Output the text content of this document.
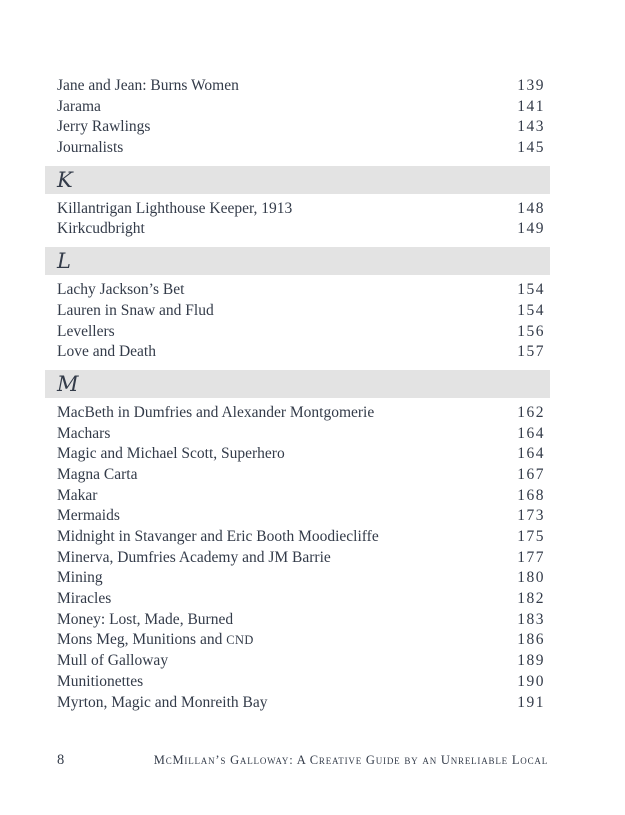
Jane and Jean: Burns Women	139
Jarama	141
Jerry Rawlings	143
Journalists	145
K
Killantrigan Lighthouse Keeper, 1913	148
Kirkcudbright	149
L
Lachy Jackson’s Bet	154
Lauren in Snaw and Flud	154
Levellers	156
Love and Death	157
M
MacBeth in Dumfries and Alexander Montgomerie	162
Machars	164
Magic and Michael Scott, Superhero	164
Magna Carta	167
Makar	168
Mermaids	173
Midnight in Stavanger and Eric Booth Moodiecliffe	175
Minerva, Dumfries Academy and JM Barrie	177
Mining	180
Miracles	182
Money: Lost, Made, Burned	183
Mons Meg, Munitions and CND	186
Mull of Galloway	189
Munitionettes	190
Myrton, Magic and Monreith Bay	191
8	McMillan’s Galloway: A Creative Guide by an Unreliable Local
